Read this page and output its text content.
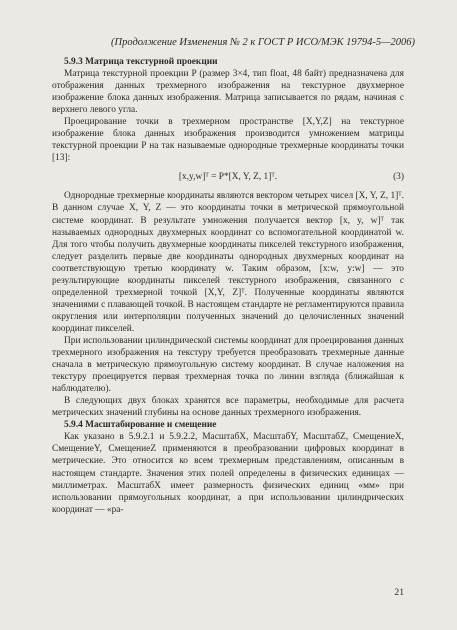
(Продолжение Изменения № 2 к ГОСТ Р ИСО/МЭК 19794-5—2006)
5.9.3 Матрица текстурной проекции

Матрица текстурной проекции P (размер 3×4, тип float, 48 байт) предназначена для отображения данных трехмерного изображения на текстурное двухмерное изображение блока данных изображения. Матрица записывается по рядам, начиная с верхнего левого угла.

Проецирование точки в трехмерном пространстве [X,Y,Z] на текстурное изображение блока данных изображения производится умножением матрицы текстурной проекции P на так называемые однородные трехмерные координаты точки [13]:

[x,y,w]ᵀ = P*[X, Y, Z, 1]ᵀ.	(3)

Однородные трехмерные координаты являются вектором четырех чисел [X, Y, Z, 1]ᵀ. В данном случае X, Y, Z — это координаты точки в метрической прямоугольной системе координат. В результате умножения получается вектор [x, y, w]ᵀ так называемых однородных двухмерных координат со вспомогательной координатой w. Для того чтобы получить двухмерные координаты пикселей текстурного изображения, следует разделить первые две координаты однородных двухмерных координат на соответствующую третью координату w. Таким образом, [x:w, y:w] — это результирующие координаты пикселей текстурного изображения, связанного с определенной трехмерной точкой [X,Y, Z]ᵀ. Полученные координаты являются значениями с плавающей точкой. В настоящем стандарте не регламентируются правила округления или интерполяции полученных значений до целочисленных значений координат пикселей.

При использовании цилиндрической системы координат для проецирования данных трехмерного изображения на текстуру требуется преобразовать трехмерные данные сначала в метрическую прямоугольную систему координат. В случае наложения на текстуру проецируется первая трехмерная точка по линии взгляда (ближайшая к наблюдателю).

В следующих двух блоках хранятся все параметры, необходимые для расчета метрических значений глубины на основе данных трехмерного изображения.

5.9.4 Масштабирование и смещение

Как указано в 5.9.2.1 и 5.9.2.2, МасштабX, МасштабY, МасштабZ, СмещениеX, СмещениеY, СмещениеZ применяются в преобразовании цифровых координат в метрические. Это относится ко всем трехмерным представлениям, описанным в настоящем стандарте. Значения этих полей определены в физических единицах — миллиметрах. МасштабX имеет размерность физических единиц «мм» при использовании прямоугольных координат, а при использовании цилиндрических координат — «ра-

21
